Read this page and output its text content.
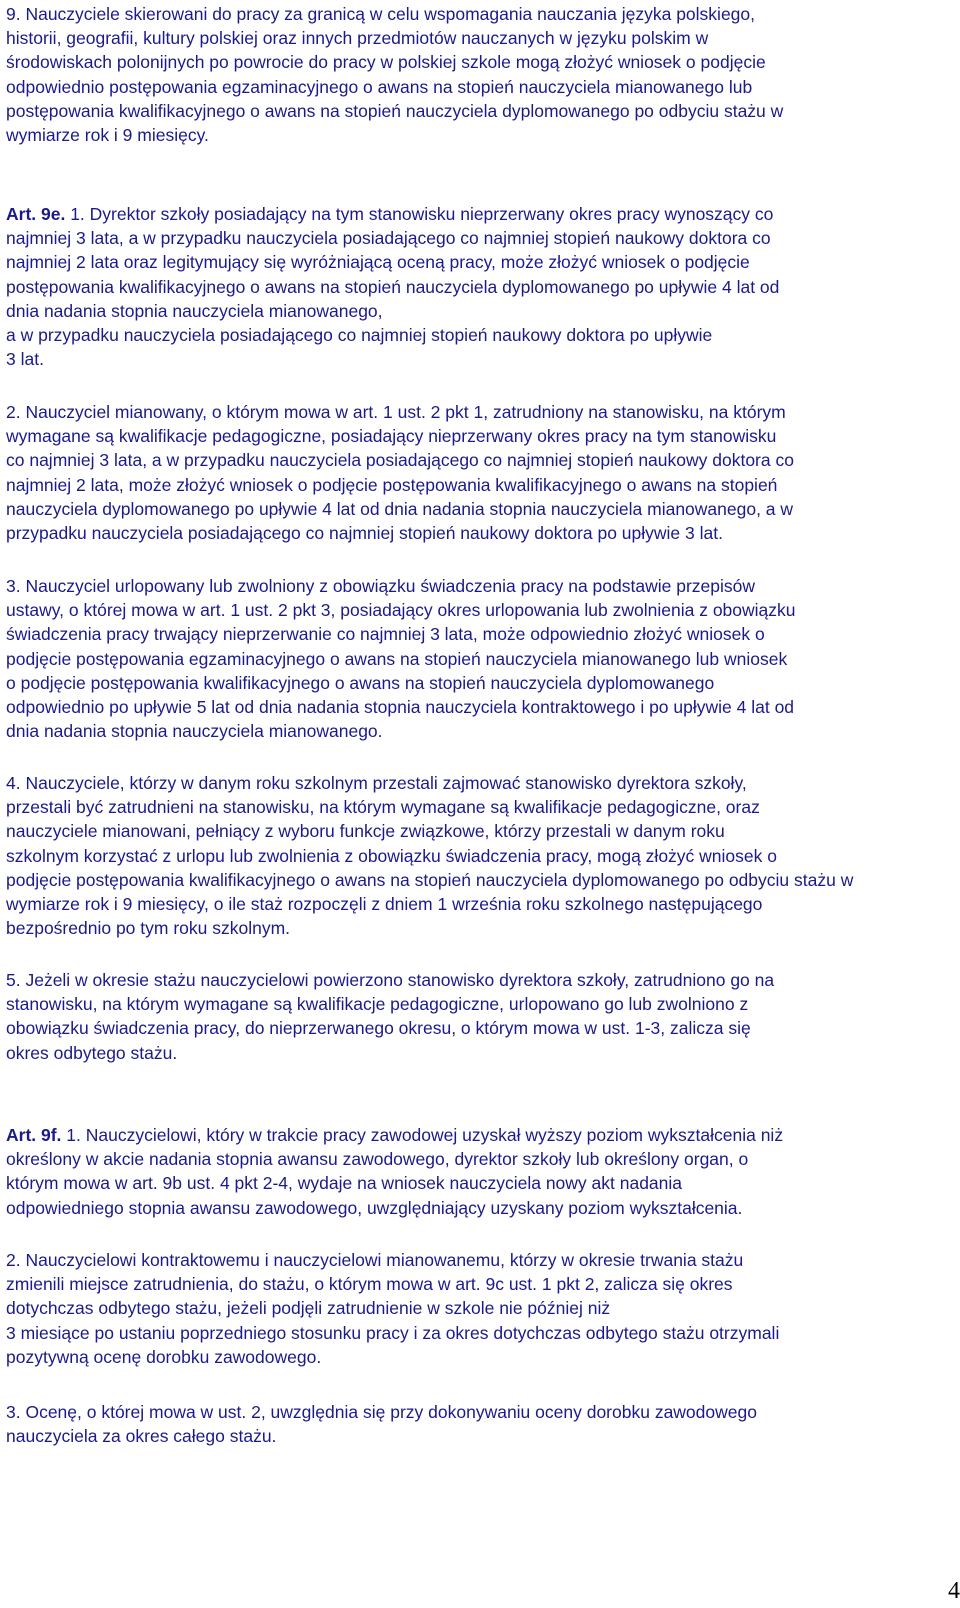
9. Nauczyciele skierowani do pracy za granicą w celu wspomagania nauczania języka polskiego,
historii, geografii, kultury polskiej oraz innych przedmiotów nauczanych w języku polskim w
środowiskach polonijnych po powrocie do pracy w polskiej szkole mogą złożyć wniosek o podjęcie
odpowiednio postępowania egzaminacyjnego o awans na stopień nauczyciela mianowanego lub
postępowania kwalifikacyjnego o awans na stopień nauczyciela dyplomowanego po odbyciu stażu w
wymiarze rok i 9 miesięcy.

Art. 9e. 1. Dyrektor szkoły posiadający na tym stanowisku nieprzerwany okres pracy wynoszący co
najmniej 3 lata, a w przypadku nauczyciela posiadającego co najmniej stopień naukowy doktora co
najmniej 2 lata oraz legitymujący się wyróżniającą oceną pracy, może złożyć wniosek o podjęcie
postępowania kwalifikacyjnego o awans na stopień nauczyciela dyplomowanego po upływie 4 lat od
dnia nadania stopnia nauczyciela mianowanego,
a w przypadku nauczyciela posiadającego co najmniej stopień naukowy doktora po upływie
3 lat.

2. Nauczyciel mianowany, o którym mowa w art. 1 ust. 2 pkt 1, zatrudniony na stanowisku, na którym
wymagane są kwalifikacje pedagogiczne, posiadający nieprzerwany okres pracy na tym stanowisku
co najmniej 3 lata, a w przypadku nauczyciela posiadającego co najmniej stopień naukowy doktora co
najmniej 2 lata, może złożyć wniosek o podjęcie postępowania kwalifikacyjnego o awans na stopień
nauczyciela dyplomowanego po upływie 4 lat od dnia nadania stopnia nauczyciela mianowanego, a w
przypadku nauczyciela posiadającego co najmniej stopień naukowy doktora po upływie 3 lat.

3. Nauczyciel urlopowany lub zwolniony z obowiązku świadczenia pracy na podstawie przepisów
ustawy, o której mowa w art. 1 ust. 2 pkt 3, posiadający okres urlopowania lub zwolnienia z obowiązku
świadczenia pracy trwający nieprzerwanie co najmniej 3 lata, może odpowiednio złożyć wniosek o
podjęcie postępowania egzaminacyjnego o awans na stopień nauczyciela mianowanego lub wniosek
o podjęcie postępowania kwalifikacyjnego o awans na stopień nauczyciela dyplomowanego
odpowiednio po upływie 5 lat od dnia nadania stopnia nauczyciela kontraktowego i po upływie 4 lat od
dnia nadania stopnia nauczyciela mianowanego.

4. Nauczyciele, którzy w danym roku szkolnym przestali zajmować stanowisko dyrektora szkoły,
przestali być zatrudnieni na stanowisku, na którym wymagane są kwalifikacje pedagogiczne, oraz
nauczyciele mianowani, pełniący z wyboru funkcje związkowe, którzy przestali w danym roku
szkolnym korzystać z urlopu lub zwolnienia z obowiązku świadczenia pracy, mogą złożyć wniosek o
podjęcie postępowania kwalifikacyjnego o awans na stopień nauczyciela dyplomowanego po odbyciu stażu w
wymiarze rok i 9 miesięcy, o ile staż rozpoczęli z dniem 1 września roku szkolnego następującego
bezpośrednio po tym roku szkolnym.

5. Jeżeli w okresie stażu nauczycielowi powierzono stanowisko dyrektora szkoły, zatrudniono go na
stanowisku, na którym wymagane są kwalifikacje pedagogiczne, urlopowano go lub zwolniono z
obowiązku świadczenia pracy, do nieprzerwanego okresu, o którym mowa w ust. 1-3, zalicza się
okres odbytego stażu.

Art. 9f. 1. Nauczycielowi, który w trakcie pracy zawodowej uzyskał wyższy poziom wykształcenia niż
określony w akcie nadania stopnia awansu zawodowego, dyrektor szkoły lub określony organ, o
którym mowa w art. 9b ust. 4 pkt 2-4, wydaje na wniosek nauczyciela nowy akt nadania
odpowiedniego stopnia awansu zawodowego, uwzględniający uzyskany poziom wykształcenia.

2. Nauczycielowi kontraktowemu i nauczycielowi mianowanemu, którzy w okresie trwania stażu
zmienili miejsce zatrudnienia, do stażu, o którym mowa w art. 9c ust. 1 pkt 2, zalicza się okres
dotychczas odbytego stażu, jeżeli podjęli zatrudnienie w szkole nie później niż
3 miesiące po ustaniu poprzedniego stosunku pracy i za okres dotychczas odbytego stażu otrzymali
pozytywną ocenę dorobku zawodowego.

3. Ocenę, o której mowa w ust. 2, uwzględnia się przy dokonywaniu oceny dorobku zawodowego
nauczyciela za okres całego stażu.

4
